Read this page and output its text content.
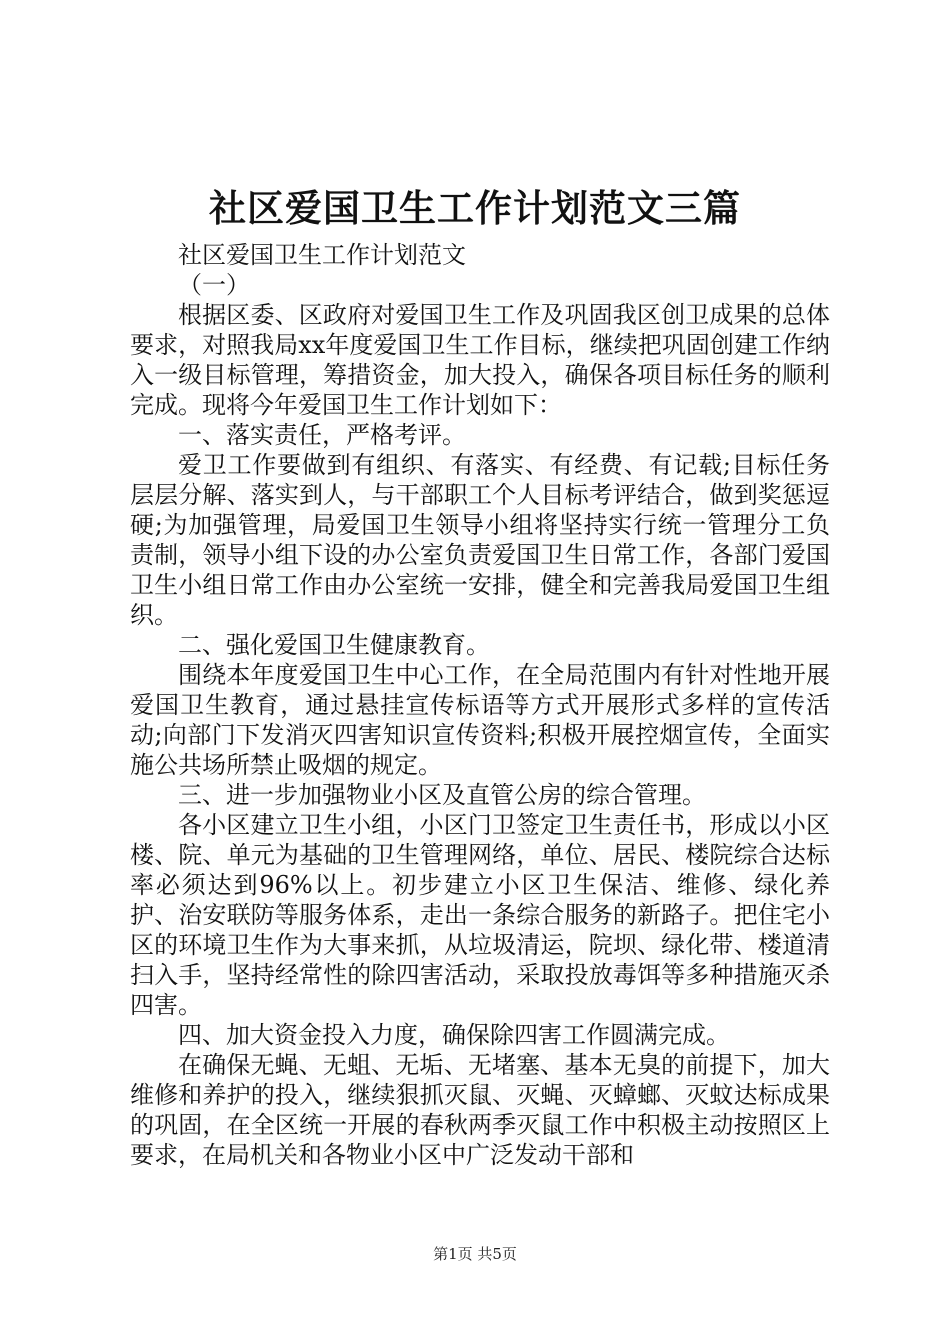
社区爱国卫生工作计划范文三篇

社区爱国卫生工作计划范文

（一）

根据区委、区政府对爱国卫生工作及巩固我区创卫成果的总体要求，对照我局xx年度爱国卫生工作目标，继续把巩固创建工作纳入一级目标管理，筹措资金，加大投入，确保各项目标任务的顺利完成。现将今年爱国卫生工作计划如下：

一、落实责任，严格考评。

爱卫工作要做到有组织、有落实、有经费、有记载;目标任务层层分解、落实到人，与干部职工个人目标考评结合，做到奖惩逗硬;为加强管理，局爱国卫生领导小组将坚持实行统一管理分工负责制，领导小组下设的办公室负责爱国卫生日常工作，各部门爱国卫生小组日常工作由办公室统一安排，健全和完善我局爱国卫生组织。

二、强化爱国卫生健康教育。

围绕本年度爱国卫生中心工作，在全局范围内有针对性地开展爱国卫生教育，通过悬挂宣传标语等方式开展形式多样的宣传活动;向部门下发消灭四害知识宣传资料;积极开展控烟宣传，全面实施公共场所禁止吸烟的规定。

三、进一步加强物业小区及直管公房的综合管理。

各小区建立卫生小组，小区门卫签定卫生责任书，形成以小区楼、院、单元为基础的卫生管理网络，单位、居民、楼院综合达标率必须达到96%以上。初步建立小区卫生保洁、维修、绿化养护、治安联防等服务体系，走出一条综合服务的新路子。把住宅小区的环境卫生作为大事来抓，从垃圾清运，院坝、绿化带、楼道清扫入手，坚持经常性的除四害活动，采取投放毒饵等多种措施灭杀四害。

四、加大资金投入力度，确保除四害工作圆满完成。

在确保无蝇、无蛆、无垢、无堵塞、基本无臭的前提下，加大维修和养护的投入，继续狠抓灭鼠、灭蝇、灭蟑螂、灭蚊达标成果的巩固，在全区统一开展的春秋两季灭鼠工作中积极主动按照区上要求，在局机关和各物业小区中广泛发动干部和

第1页 共5页
